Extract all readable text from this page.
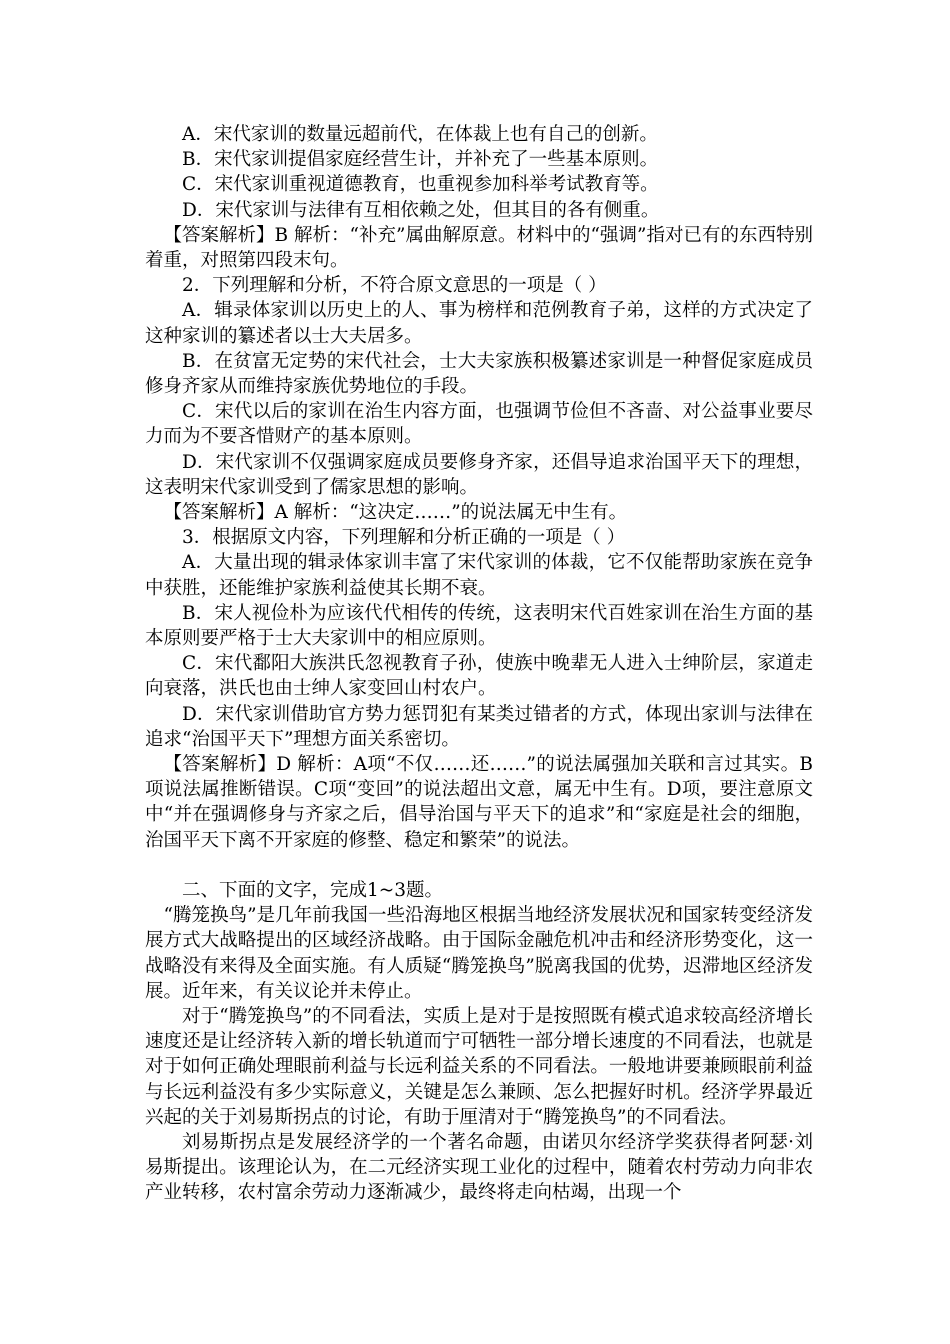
A．宋代家训的数量远超前代，在体裁上也有自己的创新。

B．宋代家训提倡家庭经营生计，并补充了一些基本原则。

C．宋代家训重视道德教育，也重视参加科举考试教育等。

D．宋代家训与法律有互相依赖之处，但其目的各有侧重。

【答案解析】B 解析：“补充”属曲解原意。材料中的“强调”指对已有的东西特别着重，对照第四段末句。

2．下列理解和分析，不符合原文意思的一项是（ ）

A．辑录体家训以历史上的人、事为榜样和范例教育子弟，这样的方式决定了这种家训的纂述者以士大夫居多。

B．在贫富无定势的宋代社会，士大夫家族积极纂述家训是一种督促家庭成员修身齐家从而维持家族优势地位的手段。

C．宋代以后的家训在治生内容方面，也强调节俭但不吝啬、对公益事业要尽力而为不要吝惜财产的基本原则。

D．宋代家训不仅强调家庭成员要修身齐家，还倡导追求治国平天下的理想，这表明宋代家训受到了儒家思想的影响。

【答案解析】A 解析：“这决定……”的说法属无中生有。

3．根据原文内容，下列理解和分析正确的一项是（ ）

A．大量出现的辑录体家训丰富了宋代家训的体裁，它不仅能帮助家族在竞争中获胜，还能维护家族利益使其长期不衰。

B．宋人视俭朴为应该代代相传的传统，这表明宋代百姓家训在治生方面的基本原则要严格于士大夫家训中的相应原则。

C．宋代鄱阳大族洪氏忽视教育子孙，使族中晚辈无人进入士绅阶层，家道走向衰落，洪氏也由士绅人家变回山村农户。

D．宋代家训借助官方势力惩罚犯有某类过错者的方式，体现出家训与法律在追求“治国平天下”理想方面关系密切。

【答案解析】D 解析：A项“不仅……还……”的说法属强加关联和言过其实。B项说法属推断错误。C项“变回”的说法超出文意，属无中生有。D项，要注意原文中“并在强调修身与齐家之后，倡导治国与平天下的追求”和“家庭是社会的细胞，治国平天下离不开家庭的修整、稳定和繁荣”的说法。

二、下面的文字，完成1~3题。

“腾笼换鸟”是几年前我国一些沿海地区根据当地经济发展状况和国家转变经济发展方式大战略提出的区域经济战略。由于国际金融危机冲击和经济形势变化，这一战略没有来得及全面实施。有人质疑“腾笼换鸟”脱离我国的优势，迟滞地区经济发展。近年来，有关议论并未停止。

对于“腾笼换鸟”的不同看法，实质上是对于是按照既有模式追求较高经济增长速度还是让经济转入新的增长轨道而宁可牺牲一部分增长速度的不同看法，也就是对于如何正确处理眼前利益与长远利益关系的不同看法。一般地讲要兼顾眼前利益与长远利益没有多少实际意义，关键是怎么兼顾、怎么把握好时机。经济学界最近兴起的关于刘易斯拐点的讨论，有助于厘清对于“腾笼换鸟”的不同看法。

刘易斯拐点是发展经济学的一个著名命题，由诺贝尔经济学奖获得者阿瑟·刘易斯提出。该理论认为，在二元经济实现工业化的过程中，随着农村劳动力向非农产业转移，农村富余劳动力逐渐减少，最终将走向枯竭，出现一个
